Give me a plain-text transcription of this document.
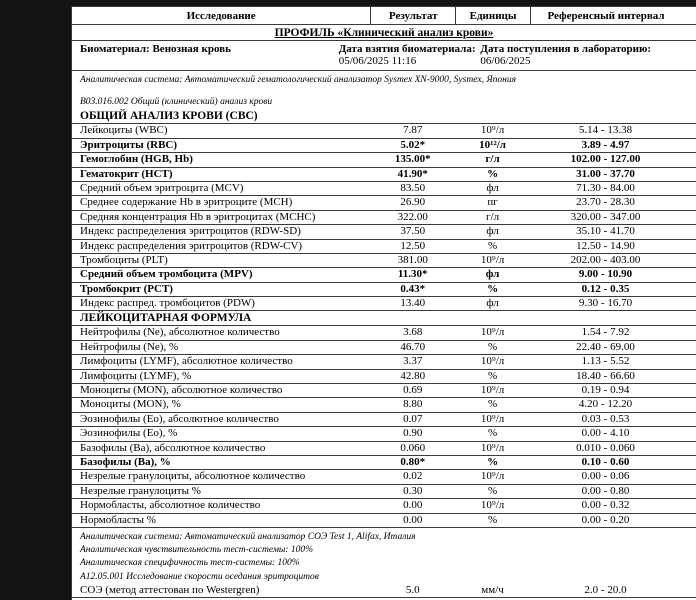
Исследование	Результат	Единицы	Референсный интервал
ПРОФИЛЬ «Клинический анализ крови»
Биоматериал: Венозная кровь	Дата взятия биоматериала:
05/06/2025 11:16
Дата поступления в лабораторию:
06/06/2025
Аналитическая система: Автоматический гематологический анализатор Sysmex XN-9000, Sysmex, Япония
В03.016.002 Общий (клинический) анализ крови
ОБЩИЙ АНАЛИЗ КРОВИ (CBC)
Лейкоциты (WBC)	7.87	10⁹/л	5.14 - 13.38
Эритроциты (RBC)	5.02*	10¹²/л	3.89 - 4.97
Гемоглобин (HGB, Hb)	135.00*	г/л	102.00 - 127.00
Гематокрит (HCT)	41.90*	%	31.00 - 37.70
Средний объем эритроцита (MCV)	83.50	фл	71.30 - 84.00
Среднее содержание Hb в эритроците (MCH)	26.90	пг	23.70 - 28.30
Средняя концентрация Hb в эритроцитах (MCHC)	322.00	г/л	320.00 - 347.00
Индекс распределения эритроцитов (RDW-SD)	37.50	фл	35.10 - 41.70
Индекс распределения эритроцитов (RDW-CV)	12.50	%	12.50 - 14.90
Тромбоциты (PLT)	381.00	10⁹/л	202.00 - 403.00
Средний объем тромбоцита (MPV)	11.30*	фл	9.00 - 10.90
Тромбокрит (PCT)	0.43*	%	0.12 - 0.35
Индекс распред. тромбоцитов (PDW)	13.40	фл	9.30 - 16.70
ЛЕЙКОЦИТАРНАЯ ФОРМУЛА
Нейтрофилы (Ne), абсолютное количество	3.68	10⁹/л	1.54 - 7.92
Нейтрофилы (Ne), %	46.70	%	22.40 - 69.00
Лимфоциты (LYMF), абсолютное количество	3.37	10⁹/л	1.13 - 5.52
Лимфоциты (LYMF), %	42.80	%	18.40 - 66.60
Моноциты (MON), абсолютное количество	0.69	10⁹/л	0.19 - 0.94
Моноциты (MON), %	8.80	%	4.20 - 12.20
Эозинофилы (Eo), абсолютное количество	0.07	10⁹/л	0.03 - 0.53
Эозинофилы (Eo), %	0.90	%	0.00 - 4.10
Базофилы (Ba), абсолютное количество	0.060	10⁹/л	0.010 - 0.060
Базофилы (Ba), %	0.80*	%	0.10 - 0.60
Незрелые гранулоциты, абсолютное количество	0.02	10⁹/л	0.00 - 0.06
Незрелые гранулоциты %	0.30	%	0.00 - 0.80
Нормобласты, абсолютное количество	0.00	10⁹/л	0.00 - 0.32
Нормобласты %	0.00	%	0.00 - 0.20
Аналитическая система: Автоматический анализатор СОЭ Test 1, Alifax, Италия
Аналитическая чувствительность тест-системы: 100%
Аналитическая специфичность тест-системы: 100%
А12.05.001 Исследование скорости оседания эритроцитов
СОЭ (метод аттестован по Westergren)	5.0	мм/ч	2.0 - 20.0
